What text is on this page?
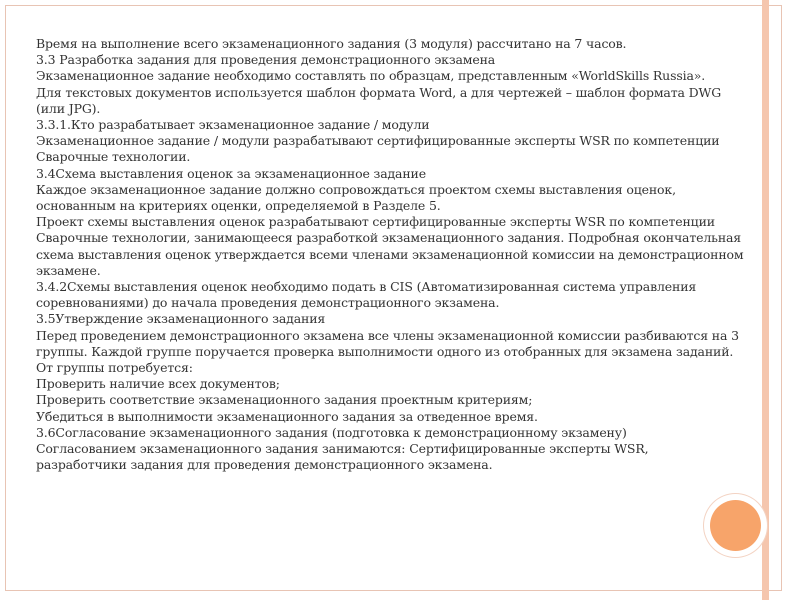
Время на выполнение всего экзаменационного задания (3 модуля) рассчитано на 7 часов.
3.3 Разработка задания для проведения демонстрационного экзамена
Экзаменационное задание необходимо составлять по образцам, представленным «WorldSkills Russia».
Для текстовых документов используется шаблон формата Word, а для чертежей – шаблон формата DWG
(или JPG).
3.3.1.Кто разрабатывает экзаменационное задание / модули
Экзаменационное задание / модули разрабатывают сертифицированные эксперты WSR по компетенции
Сварочные технологии.
3.4Схема выставления оценок за экзаменационное задание
Каждое экзаменационное задание должно сопровождаться проектом схемы выставления оценок,
основанным на критериях оценки, определяемой в Разделе 5.
Проект схемы выставления оценок разрабатывают сертифицированные эксперты WSR по компетенции
Сварочные технологии, занимающееся разработкой экзаменационного задания. Подробная окончательная
схема выставления оценок утверждается всеми членами экзаменационной комиссии на демонстрационном
экзамене.
3.4.2Схемы выставления оценок необходимо подать в CIS (Автоматизированная система управления
соревнованиями) до начала проведения демонстрационного экзамена.
3.5Утверждение экзаменационного задания
Перед проведением демонстрационного экзамена все члены экзаменационной комиссии разбиваются на 3
группы. Каждой группе поручается проверка выполнимости одного из отобранных для экзамена заданий.
От группы потребуется:
Проверить наличие всех документов;
Проверить соответствие экзаменационного задания проектным критериям;
Убедиться в выполнимости экзаменационного задания за отведенное время.
3.6Согласование экзаменационного задания (подготовка к демонстрационному экзамену)
Согласованием экзаменационного задания занимаются: Сертифицированные эксперты WSR,
разработчики задания для проведения демонстрационного экзамена.
